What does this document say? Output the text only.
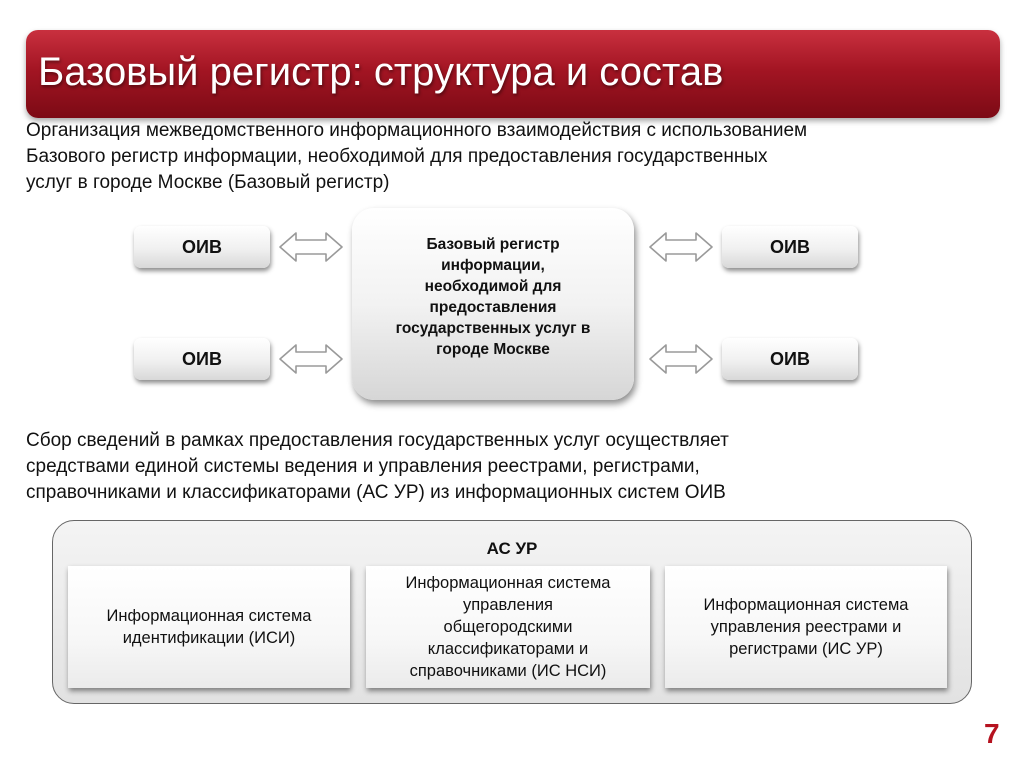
Базовый регистр: структура и состав
Организация межведомственного информационного взаимодействия с использованием
Базового регистр информации, необходимой для предоставления государственных
услуг в городе Москве (Базовый регистр)
ОИВ
ОИВ
ОИВ
ОИВ
Базовый регистр
информации,
необходимой для
предоставления
государственных услуг в
городе Москве
Сбор сведений в рамках предоставления государственных услуг осуществляет
средствами единой системы ведения и управления реестрами, регистрами,
справочниками и классификаторами (АС УР) из информационных систем ОИВ
АС УР
Информационная система
идентификации (ИСИ)
Информационная система
управления
общегородскими
классификаторами и
справочниками (ИС НСИ)
Информационная система
управления реестрами и
регистрами (ИС УР)
7
